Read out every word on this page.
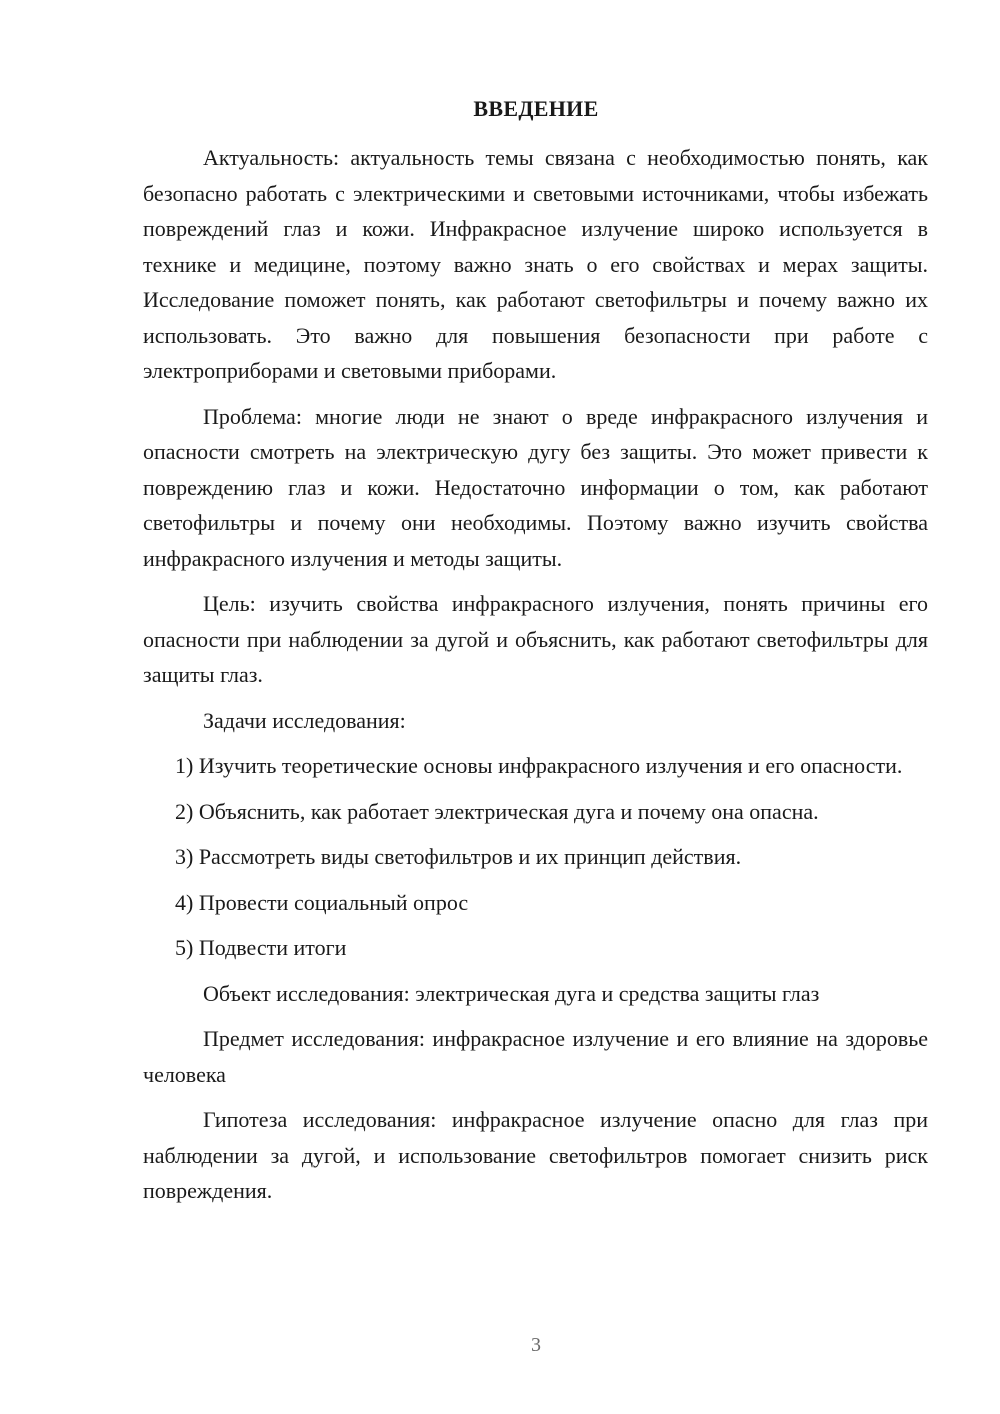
ВВЕДЕНИЕ

Актуальность: актуальность темы связана с необходимостью понять, как безопасно работать с электрическими и световыми источниками, чтобы избежать повреждений глаз и кожи. Инфракрасное излучение широко используется в технике и медицине, поэтому важно знать о его свойствах и мерах защиты. Исследование поможет понять, как работают светофильтры и почему важно их использовать. Это важно для повышения безопасности при работе с электроприборами и световыми приборами.

Проблема: многие люди не знают о вреде инфракрасного излучения и опасности смотреть на электрическую дугу без защиты. Это может привести к повреждению глаз и кожи. Недостаточно информации о том, как работают светофильтры и почему они необходимы. Поэтому важно изучить свойства инфракрасного излучения и методы защиты.

Цель: изучить свойства инфракрасного излучения, понять причины его опасности при наблюдении за дугой и объяснить, как работают светофильтры для защиты глаз.

Задачи исследования:

1) Изучить теоретические основы инфракрасного излучения и его опасности.

2) Объяснить, как работает электрическая дуга и почему она опасна.

3) Рассмотреть виды светофильтров и их принцип действия.

4) Провести социальный опрос

5) Подвести итоги

Объект исследования: электрическая дуга и средства защиты глаз

Предмет исследования: инфракрасное излучение и его влияние на здоровье человека

Гипотеза исследования: инфракрасное излучение опасно для глаз при наблюдении за дугой, и использование светофильтров помогает снизить риск повреждения.

3
